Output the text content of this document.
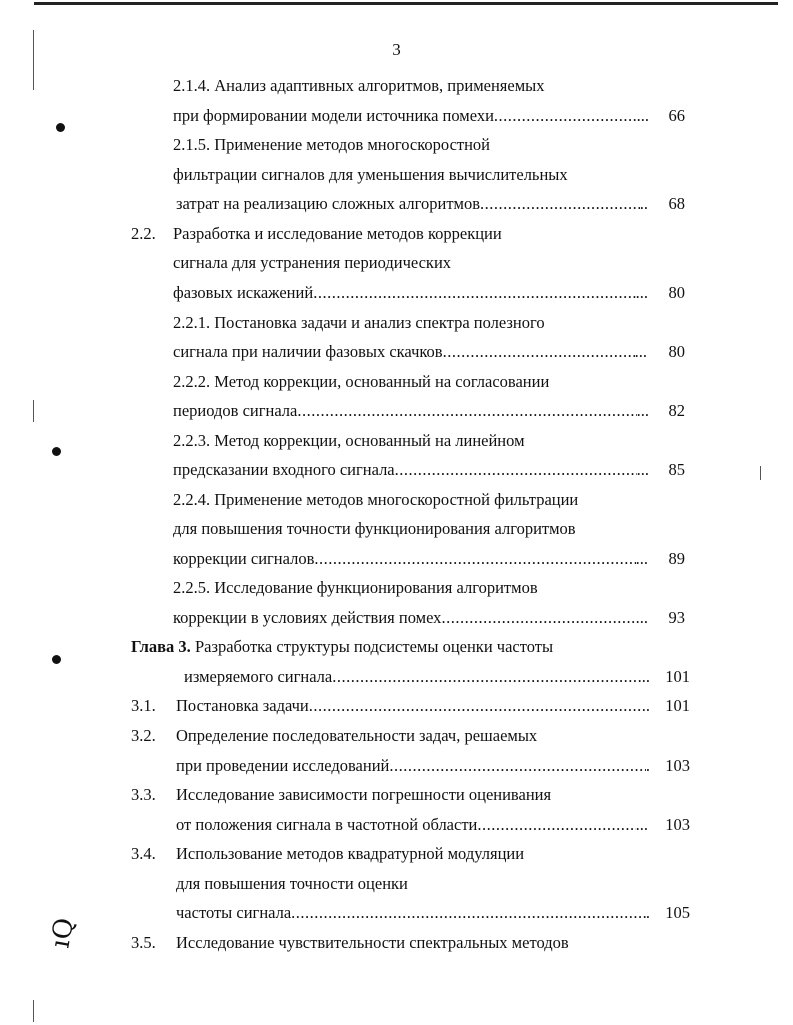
3
ıQ
2.1.4. Анализ адаптивных алгоритмов, применяемых
при формировании модели источника помехи .....	...	66
2.1.5. Применение методов многоскоростной
фильтрации сигналов для уменьшения вычислительных
затрат на реализацию сложных алгоритмов .....	..	68
2.2. Разработка и исследование методов коррекции
сигнала для устранения периодических
фазовых искажений .....	...	80
2.2.1. Постановка задачи и анализ спектра полезного
сигнала при наличии фазовых скачков .....	...	80
2.2.2. Метод коррекции, основанный на согласовании
периодов сигнала .....	...	82
2.2.3. Метод коррекции, основанный на линейном
предсказании входного сигнала .....	...	85
2.2.4. Применение методов многоскоростной фильтрации
для повышения точности функционирования алгоритмов
коррекции сигналов .....	...	89
2.2.5. Исследование функционирования алгоритмов
коррекции в условиях действия помех .....	...	93
Глава 3. Разработка структуры подсистемы оценки частоты
измеряемого сигнала .....	... 101
3.1. Постановка задачи .....	. 101
3.2. Определение последовательности задач, решаемых
при проведении исследований .....	. 103
3.3. Исследование зависимости погрешности оценивания
от положения сигнала в частотной области .....	...	103
3.4. Использование методов квадратурной модуляции
для повышения точности оценки
частоты сигнала .....	. 105
3.5. Исследование чувствительности спектральных методов
